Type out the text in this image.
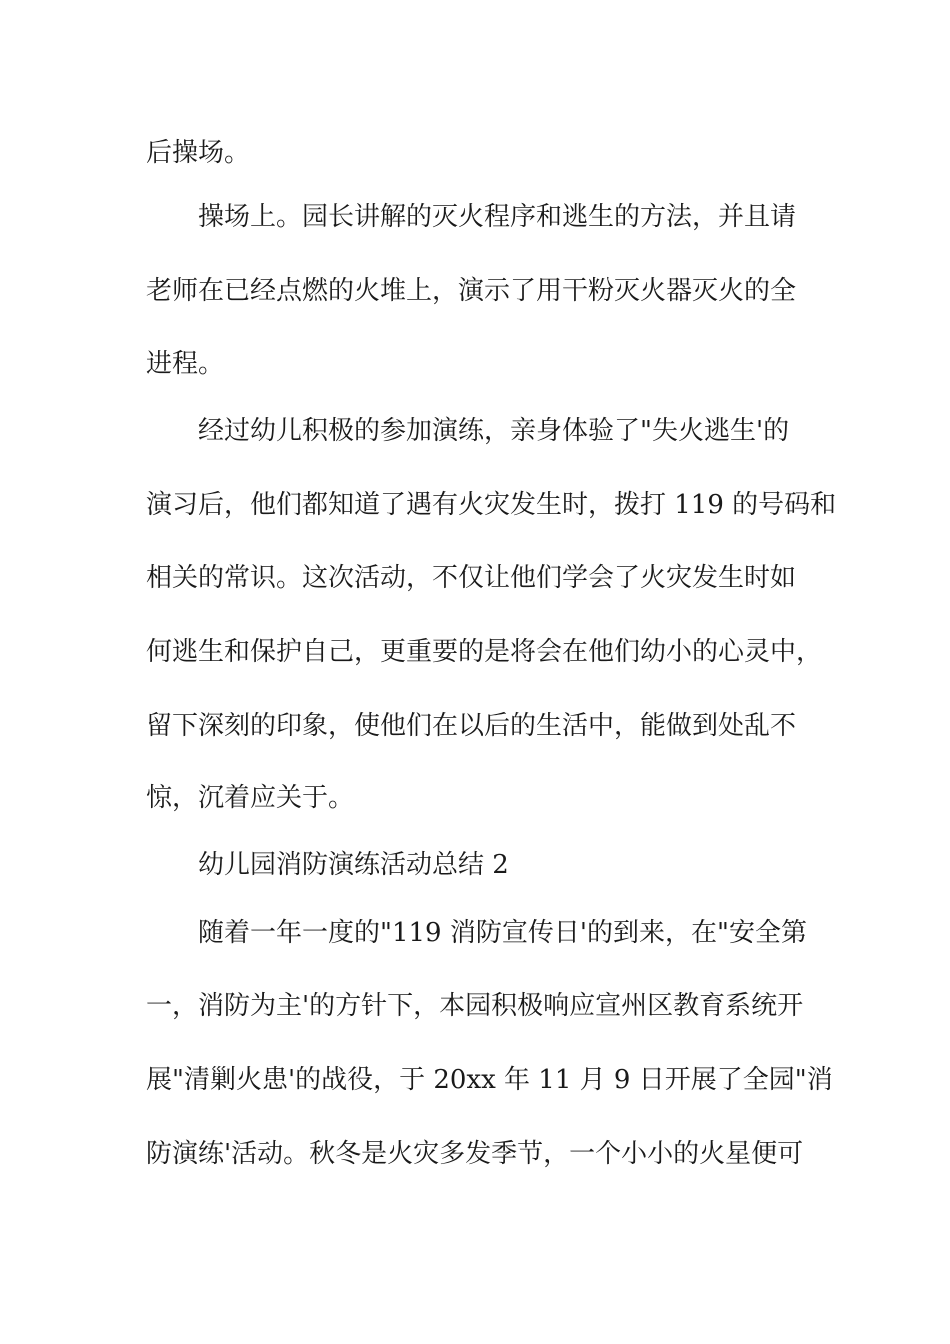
后操场。

操场上。园长讲解的灭火程序和逃生的方法，并且请

老师在已经点燃的火堆上，演示了用干粉灭火器灭火的全

进程。

经过幼儿积极的参加演练，亲身体验了"失火逃生'的

演习后，他们都知道了遇有火灾发生时，拨打 119 的号码和

相关的常识。这次活动，不仅让他们学会了火灾发生时如

何逃生和保护自己，更重要的是将会在他们幼小的心灵中，

留下深刻的印象，使他们在以后的生活中，能做到处乱不

惊，沉着应关于。

幼儿园消防演练活动总结 2

随着一年一度的"119 消防宣传日'的到来，在"安全第

一，消防为主'的方针下，本园积极响应宣州区教育系统开

展"清剿火患'的战役，于 20xx 年 11 月 9 日开展了全园"消

防演练'活动。秋冬是火灾多发季节，一个小小的火星便可
